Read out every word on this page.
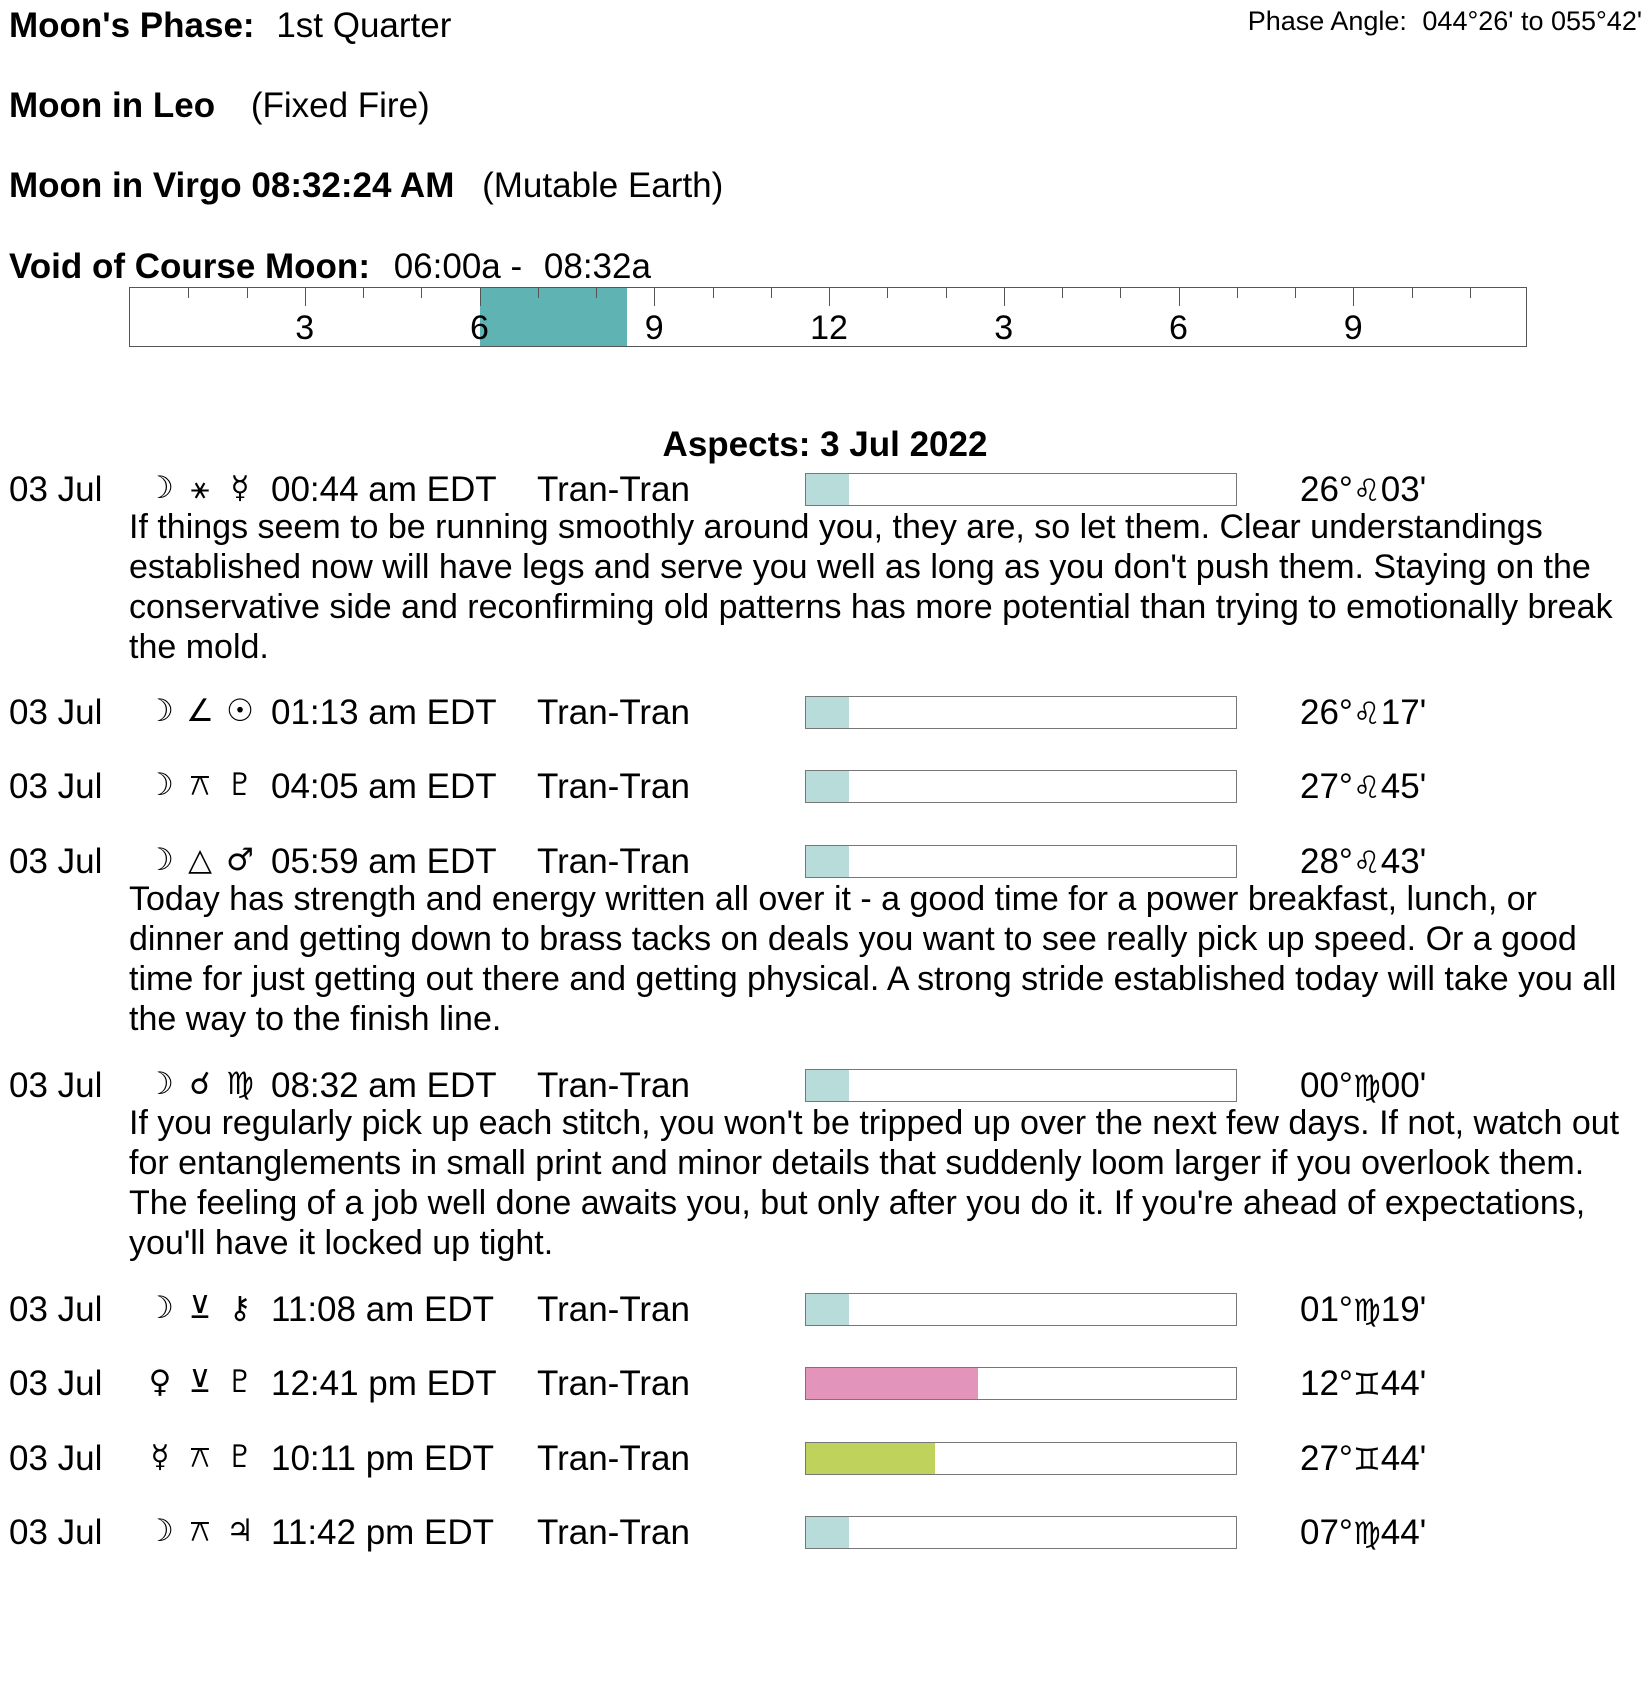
Moon's Phase: 1st Quarter	Phase Angle: 044°26' to 055°42'
Moon in Leo (Fixed Fire)
Moon in Virgo 08:32:24 AM (Mutable Earth)
Void of Course Moon: 06:00a - 08:32a
3	6	9	12	3	6	9
Aspects: 3 Jul 2022
03 Jul ☽ ⚹ ☿ 00:44 am EDT Tran-Tran	26°♌03'
If things seem to be running smoothly around you, they are, so let them. Clear understandings established now will have legs and serve you well as long as you don't push them. Staying on the conservative side and reconfirming old patterns has more potential than trying to emotionally break the mold.
03 Jul ☽ ∠ ☉ 01:13 am EDT Tran-Tran	26°♌17'
03 Jul ☽ ⚻ ♇ 04:05 am EDT Tran-Tran	27°♌45'
03 Jul ☽ △ ♂ 05:59 am EDT Tran-Tran	28°♌43'
Today has strength and energy written all over it - a good time for a power breakfast, lunch, or dinner and getting down to brass tacks on deals you want to see really pick up speed. Or a good time for just getting out there and getting physical. A strong stride established today will take you all the way to the finish line.
03 Jul ☽ ☌ ♍ 08:32 am EDT Tran-Tran	00°♍00'
If you regularly pick up each stitch, you won't be tripped up over the next few days. If not, watch out for entanglements in small print and minor details that suddenly loom larger if you overlook them. The feeling of a job well done awaits you, but only after you do it. If you're ahead of expectations, you'll have it locked up tight.
03 Jul ☽ ⊻ ⚷ 11:08 am EDT Tran-Tran	01°♍19'
03 Jul ♀ ⊻ ♇ 12:41 pm EDT Tran-Tran	12°♊44'
03 Jul	☿ ⚻ ♇ 10:11 pm EDT Tran-Tran	27°♊44'
03 Jul ☽ ⚻ ♃ 11:42 pm EDT Tran-Tran	07°♍44'
